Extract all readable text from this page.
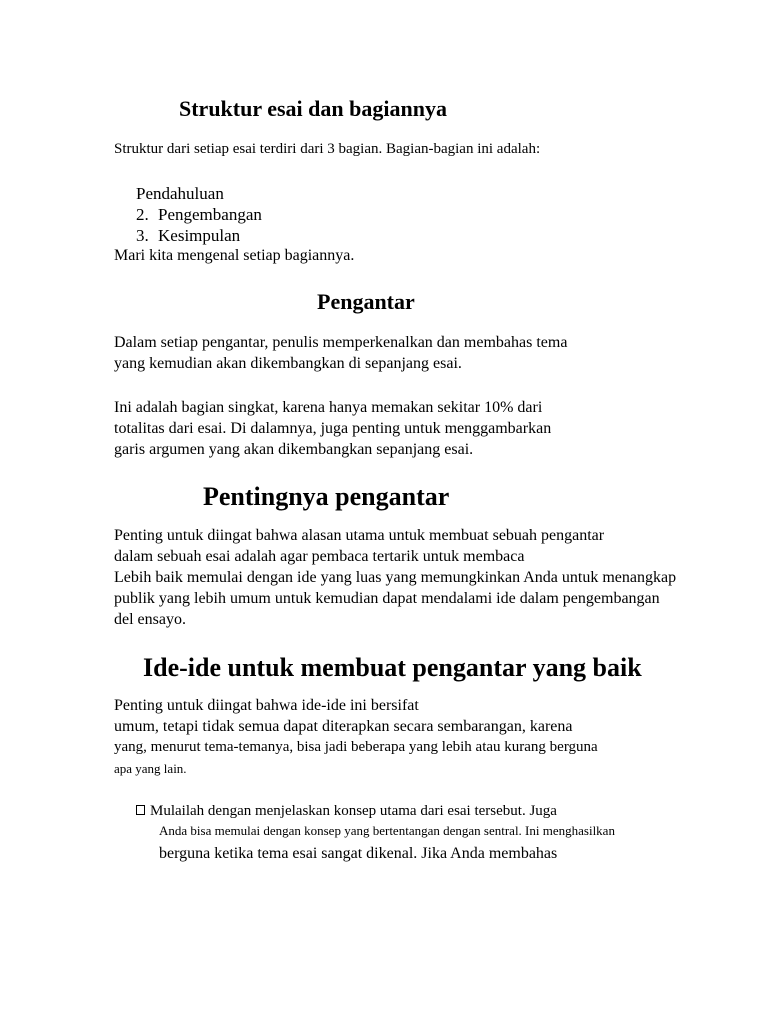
Struktur esai dan bagiannya
Struktur dari setiap esai terdiri dari 3 bagian. Bagian-bagian ini adalah:
Pendahuluan
2. Pengembangan
3. Kesimpulan
Mari kita mengenal setiap bagiannya.
Pengantar
Dalam setiap pengantar, penulis memperkenalkan dan membahas tema
yang kemudian akan dikembangkan di sepanjang esai.
Ini adalah bagian singkat, karena hanya memakan sekitar 10% dari
totalitas dari esai. Di dalamnya, juga penting untuk menggambarkan
garis argumen yang akan dikembangkan sepanjang esai.
Pentingnya pengantar
Penting untuk diingat bahwa alasan utama untuk membuat sebuah pengantar
dalam sebuah esai adalah agar pembaca tertarik untuk membaca
Lebih baik memulai dengan ide yang luas yang memungkinkan Anda untuk menangkap
publik yang lebih umum untuk kemudian dapat mendalami ide dalam pengembangan
del ensayo.
Ide-ide untuk membuat pengantar yang baik
Penting untuk diingat bahwa ide-ide ini bersifat
umum, tetapi tidak semua dapat diterapkan secara sembarangan, karena
yang, menurut tema-temanya, bisa jadi beberapa yang lebih atau kurang berguna
apa yang lain.
Mulailah dengan menjelaskan konsep utama dari esai tersebut. Juga
Anda bisa memulai dengan konsep yang bertentangan dengan sentral. Ini menghasilkan
berguna ketika tema esai sangat dikenal. Jika Anda membahas
